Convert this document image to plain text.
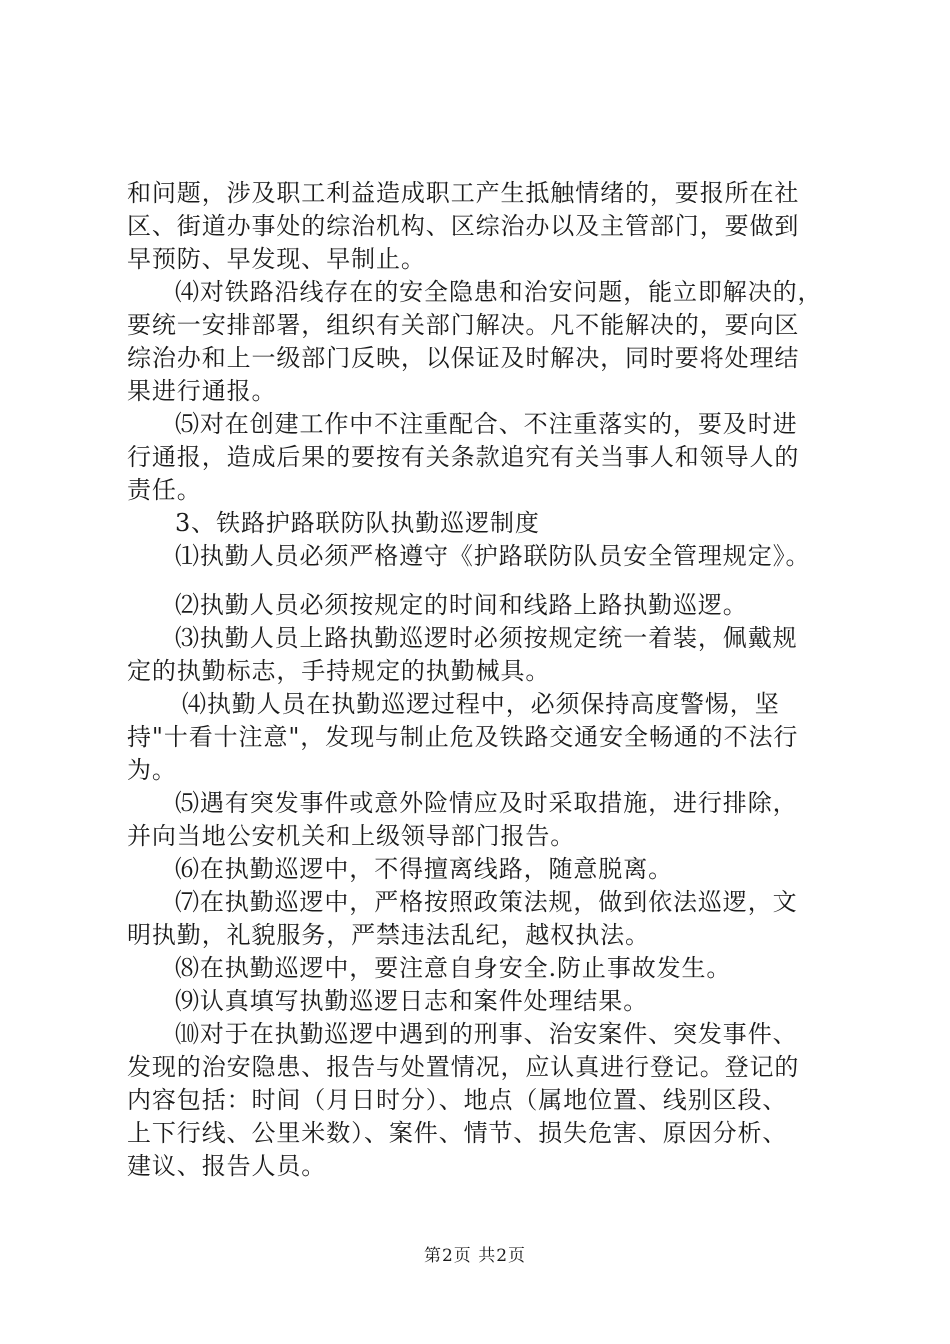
和问题，涉及职工利益造成职工产生抵触情绪的，要报所在社
区、街道办事处的综治机构、区综治办以及主管部门，要做到
早预防、早发现、早制止。
⑷对铁路沿线存在的安全隐患和治安问题，能立即解决的，
要统一安排部署，组织有关部门解决。凡不能解决的，要向区
综治办和上一级部门反映，以保证及时解决，同时要将处理结
果进行通报。
⑸对在创建工作中不注重配合、不注重落实的，要及时进
行通报，造成后果的要按有关条款追究有关当事人和领导人的
责任。
3、铁路护路联防队执勤巡逻制度
⑴执勤人员必须严格遵守《护路联防队员安全管理规定》。
⑵执勤人员必须按规定的时间和线路上路执勤巡逻。
⑶执勤人员上路执勤巡逻时必须按规定统一着装，佩戴规
定的执勤标志，手持规定的执勤械具。
⑷执勤人员在执勤巡逻过程中，必须保持高度警惕，坚
持"十看十注意"，发现与制止危及铁路交通安全畅通的不法行
为。
⑸遇有突发事件或意外险情应及时采取措施，进行排除，
并向当地公安机关和上级领导部门报告。
⑹在执勤巡逻中，不得擅离线路，随意脱离。
⑺在执勤巡逻中，严格按照政策法规，做到依法巡逻，文
明执勤，礼貌服务，严禁违法乱纪，越权执法。
⑻在执勤巡逻中，要注意自身安全.防止事故发生。
⑼认真填写执勤巡逻日志和案件处理结果。
⑽对于在执勤巡逻中遇到的刑事、治安案件、突发事件、
发现的治安隐患、报告与处置情况，应认真进行登记。登记的
内容包括：时间（月日时分）、地点（属地位置、线别区段、
上下行线、公里米数）、案件、情节、损失危害、原因分析、
建议、报告人员。
第2页 共2页
